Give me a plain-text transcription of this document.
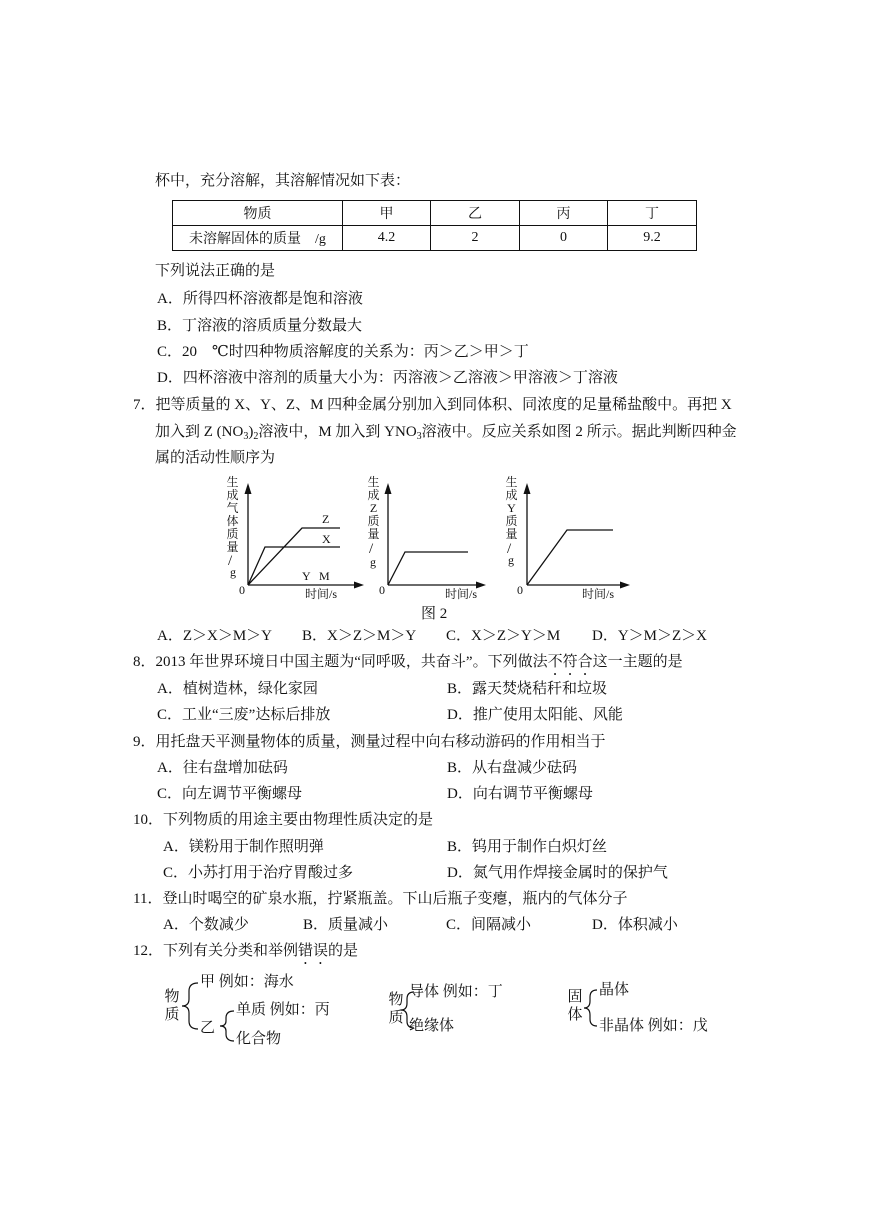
杯中，充分溶解，其溶解情况如下表：
物质	甲	乙	丙	丁
未溶解固体的质量　/g	4.2	2	0	9.2
下列说法正确的是
A．所得四杯溶液都是饱和溶液
B．丁溶液的溶质质量分数最大
C．20　℃时四种物质溶解度的关系为：丙＞乙＞甲＞丁
D．四杯溶液中溶剂的质量大小为：丙溶液＞乙溶液＞甲溶液＞丁溶液
7．把等质量的 X、Y、Z、M 四种金属分别加入到同体积、同浓度的足量稀盐酸中。再把 X
加入到 Z $(NO_3)_2$溶液中，M 加入到 $YNO_3$溶液中。反应关系如图 2 所示。据此判断四种金
属的活动性顺序为
生成气体质量
/
g
Z
X
Y M
0	时间/s
生成Z质量
/
g
0	时间/s
生成Y质量
/
g
0	时间/s
图 2
A．Z＞X＞M＞Y B．X＞Z＞M＞Y C．X＞Z＞Y＞M D．Y＞M＞Z＞X
8．2013 年世界环境日中国主题为“同呼吸，共奋斗”。下列做法不符合这一主题的是
A．植树造林，绿化家园	B．露天焚烧秸秆和垃圾
C．工业“三废”达标后排放	D．推广使用太阳能、风能
9．用托盘天平测量物体的质量，测量过程中向右移动游码的作用相当于
A．往右盘增加砝码	B．从右盘减少砝码
C．向左调节平衡螺母	D．向右调节平衡螺母
10．下列物质的用途主要由物理性质决定的是
A．镁粉用于制作照明弹	B．钨用于制作白炽灯丝
C．小苏打用于治疗胃酸过多	D．氮气用作焊接金属时的保护气
11．登山时喝空的矿泉水瓶，拧紧瓶盖。下山后瓶子变瘪，瓶内的气体分子
A．个数减少	B．质量减小	C．间隔减小	D．体积减小
12．下列有关分类和举例错误的是
物质
甲 例如：海水
乙
单质 例如：丙
化合物
物质
导体 例如：丁
绝缘体
固体
晶体
非晶体 例如：戊
